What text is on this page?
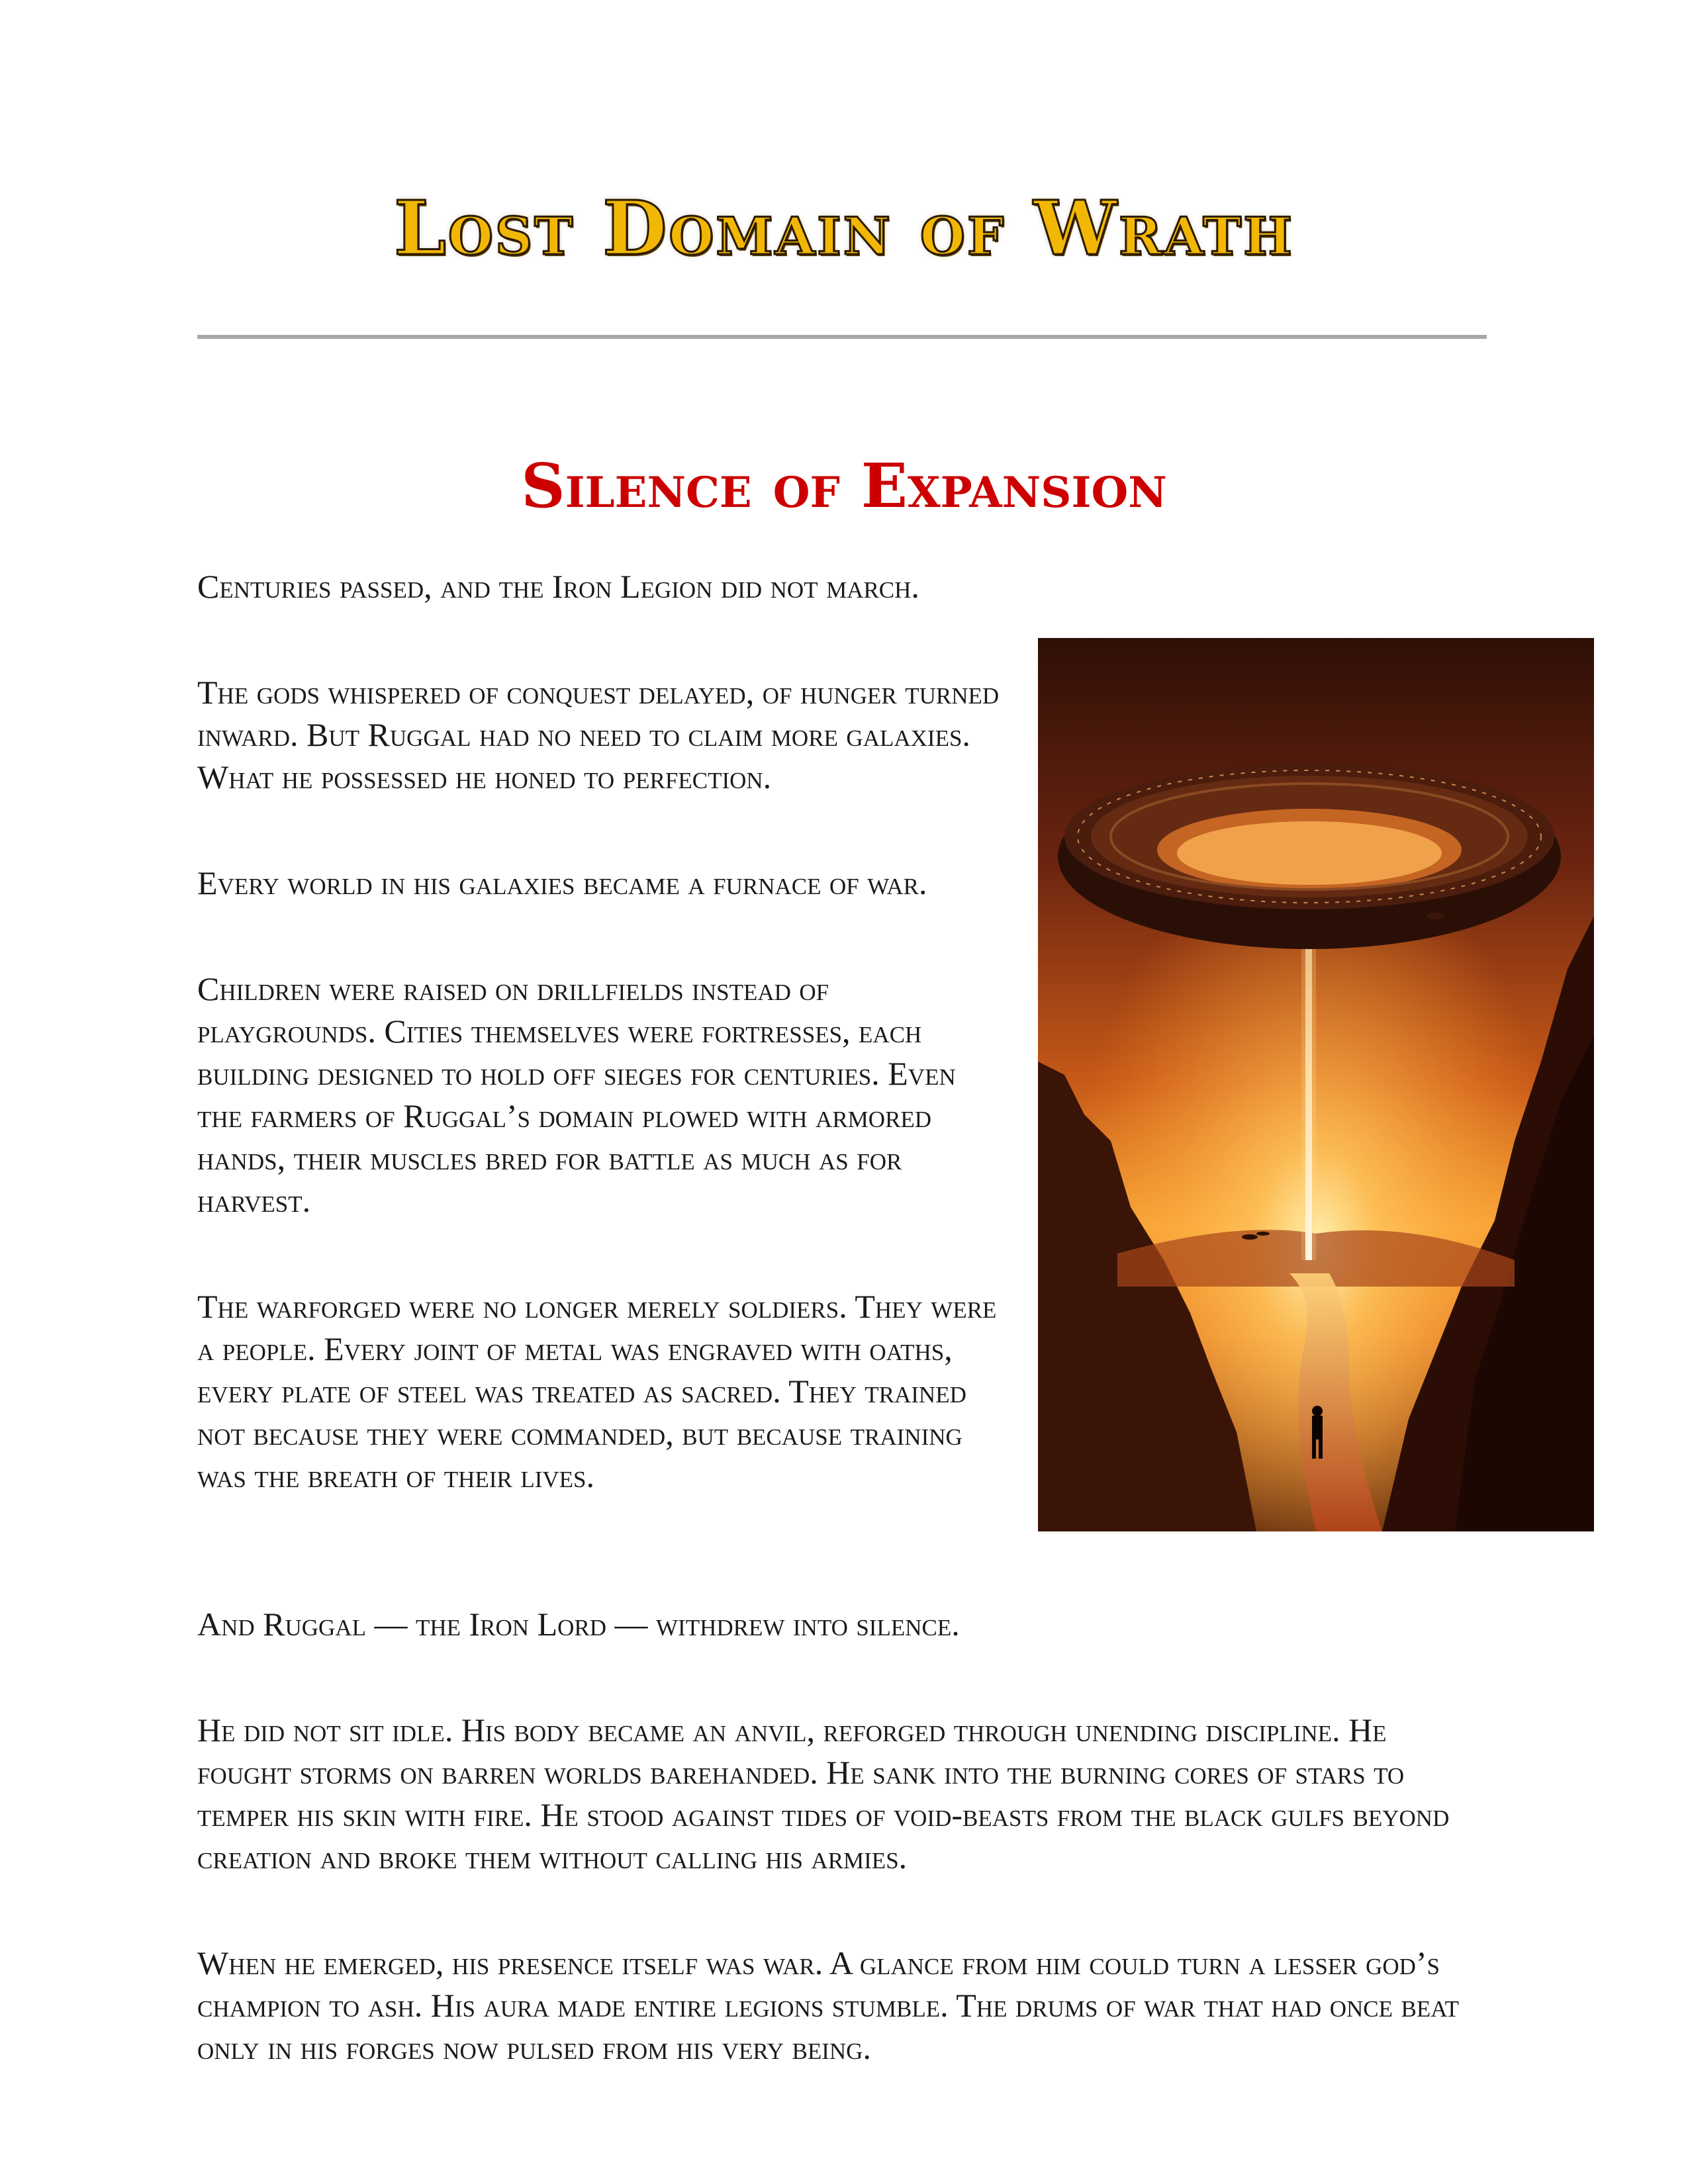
Lost Domain of Wrath
Silence of Expansion

Centuries passed, and the Iron Legion did not march.

The gods whispered of conquest delayed, of hunger turned inward. But Ruggal had no need to claim more galaxies. What he possessed he honed to perfection.

Every world in his galaxies became a furnace of war.

Children were raised on drillfields instead of playgrounds. Cities themselves were fortresses, each building designed to hold off sieges for centuries. Even the farmers of Ruggal’s domain plowed with armored hands, their muscles bred for battle as much as for harvest.

The warforged were no longer merely soldiers. They were a people. Every joint of metal was engraved with oaths, every plate of steel was treated as sacred. They trained not because they were commanded, but because training was the breath of their lives.

And Ruggal — the Iron Lord — withdrew into silence.

He did not sit idle. His body became an anvil, reforged through unending discipline. He fought storms on barren worlds barehanded. He sank into the burning cores of stars to temper his skin with fire. He stood against tides of void-beasts from the black gulfs beyond creation and broke them without calling his armies.

When he emerged, his presence itself was war. A glance from him could turn a lesser god’s champion to ash. His aura made entire legions stumble. The drums of war that had once beat only in his forges now pulsed from his very being.
